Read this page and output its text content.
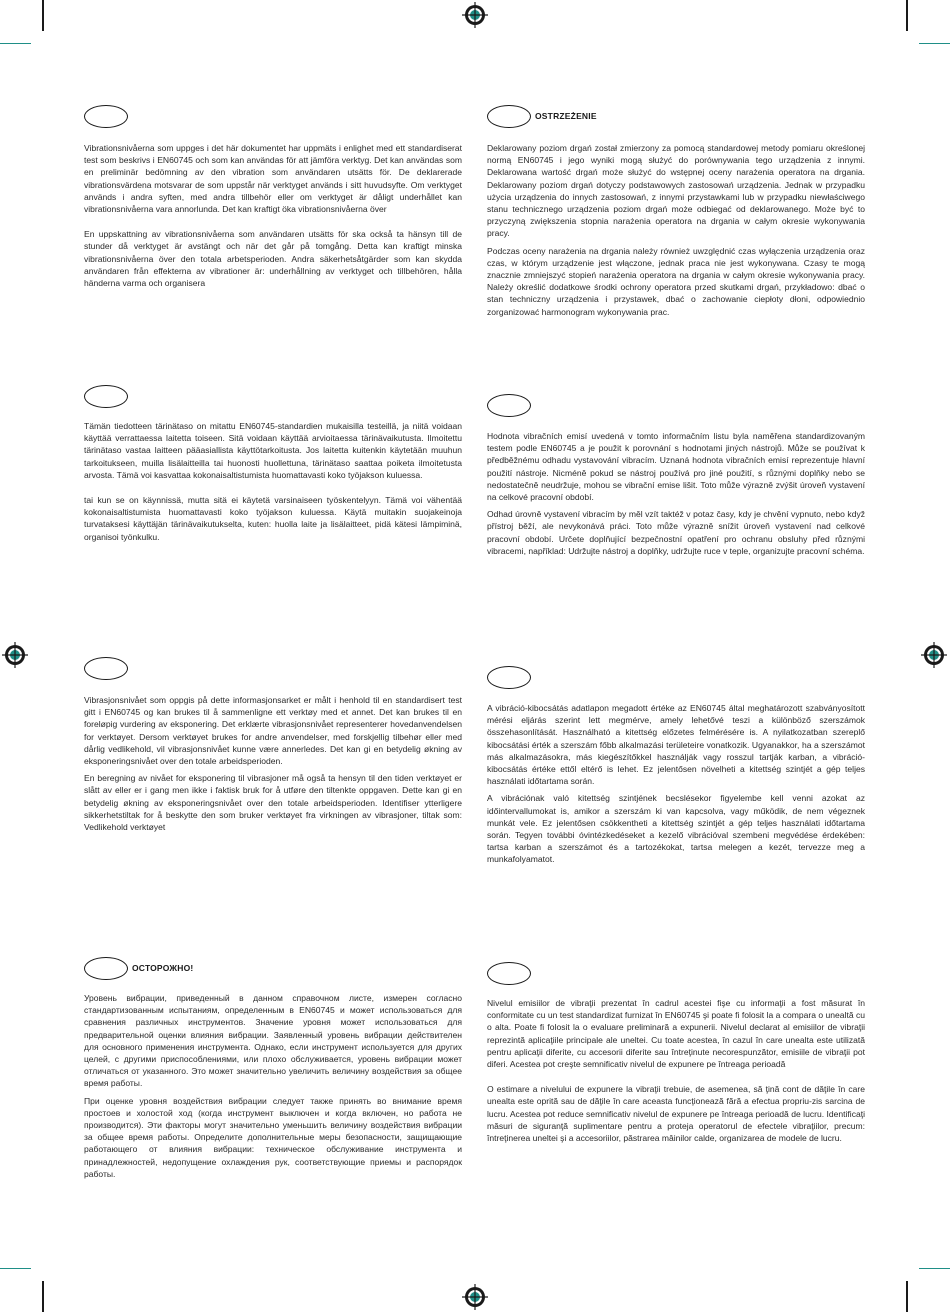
Vibrationsnivåerna som uppges i det här dokumentet har uppmäts i enlighet med ett standardiserat test som beskrivs i EN60745 och som kan användas för att jämföra verktyg. Det kan användas som en preliminär bedömning av den vibration som användaren utsätts för. De deklarerade vibrationsvärdena motsvarar de som uppstår när verktyget används i sitt huvudsyfte. Om verktyget används i andra syften, med andra tillbehör eller om verktyget är dåligt underhållet kan vibrationsnivåerna vara annorlunda. Det kan kraftigt öka vibrationsnivåerna över

En uppskattning av vibrationsnivåerna som användaren utsätts för ska också ta hänsyn till de stunder då verktyget är avstängt och när det går på tomgång. Detta kan kraftigt minska vibrationsnivåerna över den totala arbetsperioden. Andra säkerhetsåtgärder som kan skydda användaren från effekterna av vibrationer är: underhållning av verktyget och tillbehören, hålla händerna varma och organisera

OSTRZEŻENIE

Deklarowany poziom drgań został zmierzony za pomocą standardowej metody pomiaru określonej normą EN60745 i jego wyniki mogą służyć do porównywania tego urządzenia z innymi. Deklarowana wartość drgań może służyć do wstępnej oceny narażenia operatora na drgania. Deklarowany poziom drgań dotyczy podstawowych zastosowań urządzenia. Jednak w przypadku użycia urządzenia do innych zastosowań, z innymi przystawkami lub w przypadku niewłaściwego stanu technicznego urządzenia poziom drgań może odbiegać od deklarowanego. Może być to przyczyną zwiększenia stopnia narażenia operatora na drgania w całym okresie wykonywania pracy.

Podczas oceny narażenia na drgania należy również uwzględnić czas wyłączenia urządzenia oraz czas, w którym urządzenie jest włączone, jednak praca nie jest wykonywana. Czasy te mogą znacznie zmniejszyć stopień narażenia operatora na drgania w całym okresie wykonywania pracy. Należy określić dodatkowe środki ochrony operatora przed skutkami drgań, przykładowo: dbać o stan techniczny urządzenia i przystawek, dbać o zachowanie ciepłoty dłoni, odpowiednio zorganizować harmonogram wykonywania prac.

Tämän tiedotteen tärinätaso on mitattu EN60745-standardien mukaisilla testeillä, ja niitä voidaan käyttää verrattaessa laitetta toiseen. Sitä voidaan käyttää arvioitaessa tärinävaikutusta. Ilmoitettu tärinätaso vastaa laitteen pääasiallista käyttötarkoitusta. Jos laitetta kuitenkin käytetään muuhun tarkoitukseen, muilla lisälaitteilla tai huonosti huollettuna, tärinätaso saattaa poiketa ilmoitetusta arvosta. Tämä voi kasvattaa kokonaisaltistumista huomattavasti koko työjakson kuluessa.

tai kun se on käynnissä, mutta sitä ei käytetä varsinaiseen työskentelyyn. Tämä voi vähentää kokonaisaltistumista huomattavasti koko työjakson kuluessa. Käytä muitakin suojakeinoja turvataksesi käyttäjän tärinävaikutukselta, kuten: huolla laite ja lisälaitteet, pidä kätesi lämpiminä, organisoi työnkulku.

Hodnota vibračních emisí uvedená v tomto informačním listu byla naměřena standardizovaným testem podle EN60745 a je použit k porovnání s hodnotami jiných nástrojů. Může se používat k předběžnému odhadu vystavování vibracím. Uznaná hodnota vibračních emisí reprezentuje hlavní použití nástroje. Nicméně pokud se nástroj používá pro jiné použití, s různými doplňky nebo se nedostatečně neudržuje, mohou se vibrační emise lišit. Toto může výrazně zvýšit úroveň vystavení na celkové pracovní období.

Odhad úrovně vystavení vibracím by měl vzít taktéž v potaz časy, kdy je chvění vypnuto, nebo když přístroj běží, ale nevykonává práci. Toto může výrazně snížit úroveň vystavení nad celkové pracovní období. Určete doplňující bezpečnostní opatření pro ochranu obsluhy před různými vibracemi, například: Udržujte nástroj a doplňky, udržujte ruce v teple, organizujte pracovní schéma.

Vibrasjonsnivået som oppgis på dette informasjonsarket er målt i henhold til en standardisert test gitt i EN60745 og kan brukes til å sammenligne ett verktøy med et annet. Det kan brukes til en foreløpig vurdering av eksponering. Det erklærte vibrasjonsnivået representerer hovedanvendelsen for verktøyet. Dersom verktøyet brukes for andre anvendelser, med forskjellig tilbehør eller med dårlig vedlikehold, vil vibrasjonsnivået kunne være annerledes. Det kan gi en betydelig økning av eksponeringsnivået over den totale arbeidsperioden.

En beregning av nivået for eksponering til vibrasjoner må også ta hensyn til den tiden verktøyet er slått av eller er i gang men ikke i faktisk bruk for å utføre den tiltenkte oppgaven. Dette kan gi en betydelig økning av eksponeringsnivået over den totale arbeidsperioden. Identifiser ytterligere sikkerhetstiltak for å beskytte den som bruker verktøyet fra virkningen av vibrasjoner, tiltak som: Vedlikehold verktøyet

A vibráció-kibocsátás adatlapon megadott értéke az EN60745 által meghatározott szabványosított mérési eljárás szerint lett megmérve, amely lehetővé teszi a különböző szerszámok összehasonlítását. Használható a kitettség előzetes felmérésére is. A nyilatkozatban szereplő kibocsátási érték a szerszám főbb alkalmazási területeire vonatkozik. Ugyanakkor, ha a szerszámot más alkalmazásokra, más kiegészítőkkel használják vagy rosszul tartják karban, a vibráció-kibocsátás értéke ettől eltérő is lehet. Ez jelentősen növelheti a kitettség szintjét a gép teljes használati időtartama során.

A vibrációnak való kitettség szintjének becslésekor figyelembe kell venni azokat az időintervallumokat is, amikor a szerszám ki van kapcsolva, vagy működik, de nem végeznek munkát vele. Ez jelentősen csökkentheti a kitettség szintjét a gép teljes használati időtartama során. Tegyen további óvintézkedéseket a kezelő vibrációval szembeni megvédése érdekében: tartsa karban a szerszámot és a tartozékokat, tartsa melegen a kezét, tervezze meg a munkafolyamatot.

ОСТОРОЖНО!

Уровень вибрации, приведенный в данном справочном листе, измерен согласно стандартизованным испытаниям, определенным в EN60745 и может использоваться для сравнения различных инструментов. Значение уровня может использоваться для предварительной оценки влияния вибрации. Заявленный уровень вибрации действителен для основного применения инструмента. Однако, если инструмент используется для других целей, с другими приспособлениями, или плохо обслуживается, уровень вибрации может отличаться от указанного. Это может значительно увеличить величину воздействия за общее время работы.

При оценке уровня воздействия вибрации следует также принять во внимание время простоев и холостой ход (когда инструмент выключен и когда включен, но работа не производится). Эти факторы могут значительно уменьшить величину воздействия вибрации за общее время работы. Определите дополнительные меры безопасности, защищающие работающего от влияния вибрации: техническое обслуживание инструмента и принадлежностей, недопущение охлаждения рук, соответствующие приемы и распорядок работы.

Nivelul emisiilor de vibraţii prezentat în cadrul acestei fişe cu informaţii a fost măsurat în conformitate cu un test standardizat furnizat în EN60745 şi poate fi folosit la a compara o unealtă cu o alta. Poate fi folosit la o evaluare preliminară a expunerii. Nivelul declarat al emisiilor de vibraţii reprezintă aplicaţiile principale ale uneltei. Cu toate acestea, în cazul în care unealta este utilizată pentru aplicaţii diferite, cu accesorii diferite sau întreţinute necorespunzător, emisiile de vibraţii pot diferi. Acestea pot creşte semnificativ nivelul de expunere pe întreaga perioadă

O estimare a nivelului de expunere la vibraţii trebuie, de asemenea, să ţină cont de dăţile în care unealta este oprită sau de dăţile în care aceasta funcţionează fără a efectua propriu-zis sarcina de lucru. Acestea pot reduce semnificativ nivelul de expunere pe întreaga perioadă de lucru. Identificaţi măsuri de siguranţă suplimentare pentru a proteja operatorul de efectele vibraţiilor, precum: întreţinerea uneltei şi a accesoriilor, păstrarea mâinilor calde, organizarea de modele de lucru.
